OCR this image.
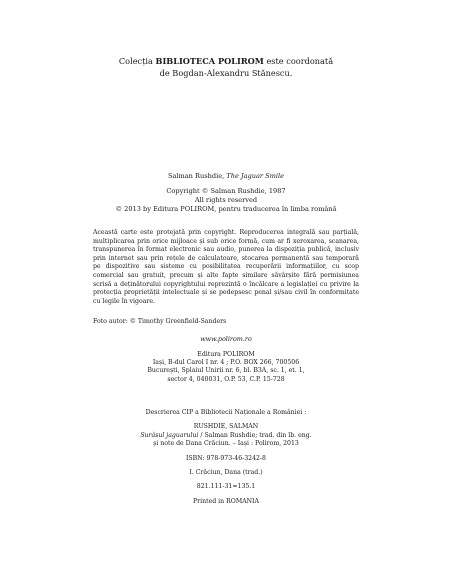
Colecția BIBLIOTECA POLIROM este coordonată
de Bogdan-Alexandru Stănescu.
Salman Rushdie, The Jaguar Smile
Copyright © Salman Rushdie, 1987
All rights reserved
© 2013 by Editura POLIROM, pentru traducerea în limba română
Această carte este protejată prin copyright. Reproducerea integrală sau parțială, multiplicarea prin orice mijloace și sub orice formă, cum ar fi xeroxarea, scanarea, transpunerea în format electronic sau audio, punerea la dispoziția publică, inclusiv prin internet sau prin rețele de calculatoare, stocarea permanentă sau temporară pe dispozitive sau sisteme cu posibilitatea recuperării informațiilor, cu scop comercial sau gratuit, precum și alte fapte similare săvârșite fără permisiunea scrisă a deținătorului copyrightului reprezintă o încălcare a legislației cu privire la protecția proprietății intelectuale și se pedepsesc penal și/sau civil în conformitate cu legile în vigoare.
Foto autor: © Timothy Greenfield-Sanders
www.polirom.ro
Editura POLIROM
Iași, B-dul Carol I nr. 4 ; P.O. BOX 266, 700506
București, Splaiul Unirii nr. 6, bl. B3A, sc. 1, et. 1,
sector 4, 040031, O.P. 53, C.P. 15-728
Descrierea CIP a Bibliotecii Naționale a României :
RUSHDIE, SALMAN
Surâsul jaguarului / Salman Rushdie; trad. din lb. eng.
și note de Dana Crăciun. – Iași : Polirom, 2013
ISBN: 978-973-46-3242-8
I. Crăciun, Dana (trad.)
821.111-31=135.1
Printed in ROMANIA
